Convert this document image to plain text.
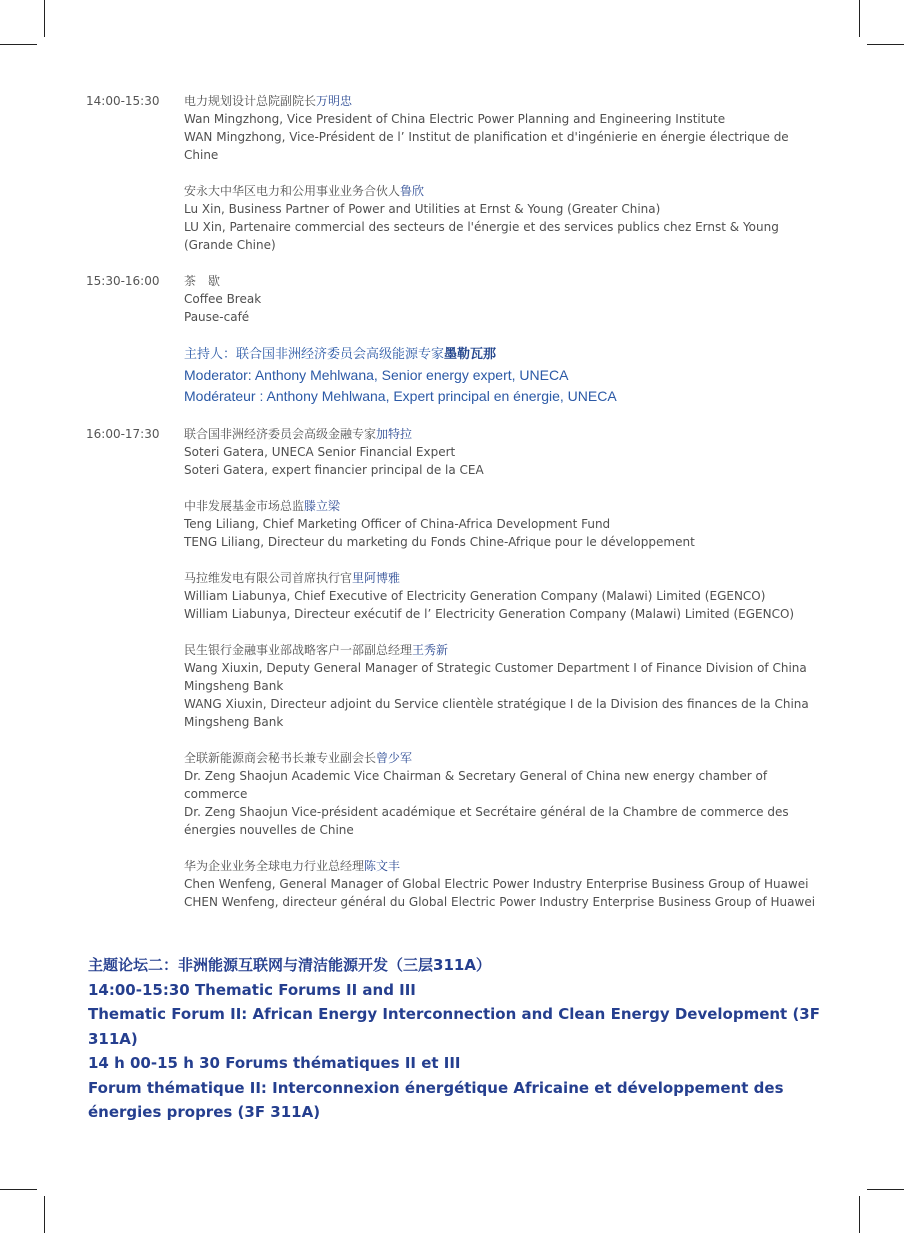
14:00-15:30	电力规划设计总院副院长万明忠
Wan Mingzhong, Vice President of China Electric Power Planning and Engineering Institute
WAN Mingzhong, Vice-Président de l’ Institut de planification et d'ingénierie en énergie électrique de Chine
安永大中华区电力和公用事业业务合伙人鲁欣
Lu Xin, Business Partner of Power and Utilities at Ernst & Young (Greater China)
LU Xin, Partenaire commercial des secteurs de l'énergie et des services publics chez Ernst & Young (Grande Chine)
15:30-16:00	茶　歇
Coffee Break
Pause-café
主持人：联合国非洲经济委员会高级能源专家墨勒瓦那
Moderator: Anthony Mehlwana, Senior energy expert, UNECA
Modérateur : Anthony Mehlwana, Expert principal en énergie, UNECA
16:00-17:30	联合国非洲经济委员会高级金融专家加特拉
Soteri Gatera, UNECA Senior Financial Expert
Soteri Gatera, expert financier principal de la CEA
中非发展基金市场总监滕立梁
Teng Liliang, Chief Marketing Officer of China-Africa Development Fund
TENG Liliang, Directeur du marketing du Fonds Chine-Afrique pour le développement
马拉维发电有限公司首席执行官里阿博雅
William Liabunya, Chief Executive of Electricity Generation Company (Malawi) Limited (EGENCO)
William Liabunya, Directeur exécutif de l’ Electricity Generation Company (Malawi) Limited (EGENCO)
民生银行金融事业部战略客户一部副总经理王秀新
Wang Xiuxin, Deputy General Manager of Strategic Customer Department I of Finance Division of China Mingsheng Bank
WANG Xiuxin, Directeur adjoint du Service clientèle stratégique I de la Division des finances de la China Mingsheng Bank
全联新能源商会秘书长兼专业副会长曾少军
Dr. Zeng Shaojun Academic Vice Chairman & Secretary General of China new energy chamber of commerce
Dr. Zeng Shaojun Vice-président académique et Secrétaire général de la Chambre de commerce des énergies nouvelles de Chine
华为企业业务全球电力行业总经理陈文丰
Chen Wenfeng, General Manager of Global Electric Power Industry Enterprise Business Group of Huawei
CHEN Wenfeng, directeur général du Global Electric Power Industry Enterprise Business Group of Huawei
主题论坛二：非洲能源互联网与清洁能源开发（三层311A）
14:00-15:30 Thematic Forums II and III
Thematic Forum II: African Energy Interconnection and Clean Energy Development (3F 311A)
14 h 00-15 h 30 Forums thématiques II et III
Forum thématique II: Interconnexion énergétique Africaine et développement des énergies propres (3F 311A)
